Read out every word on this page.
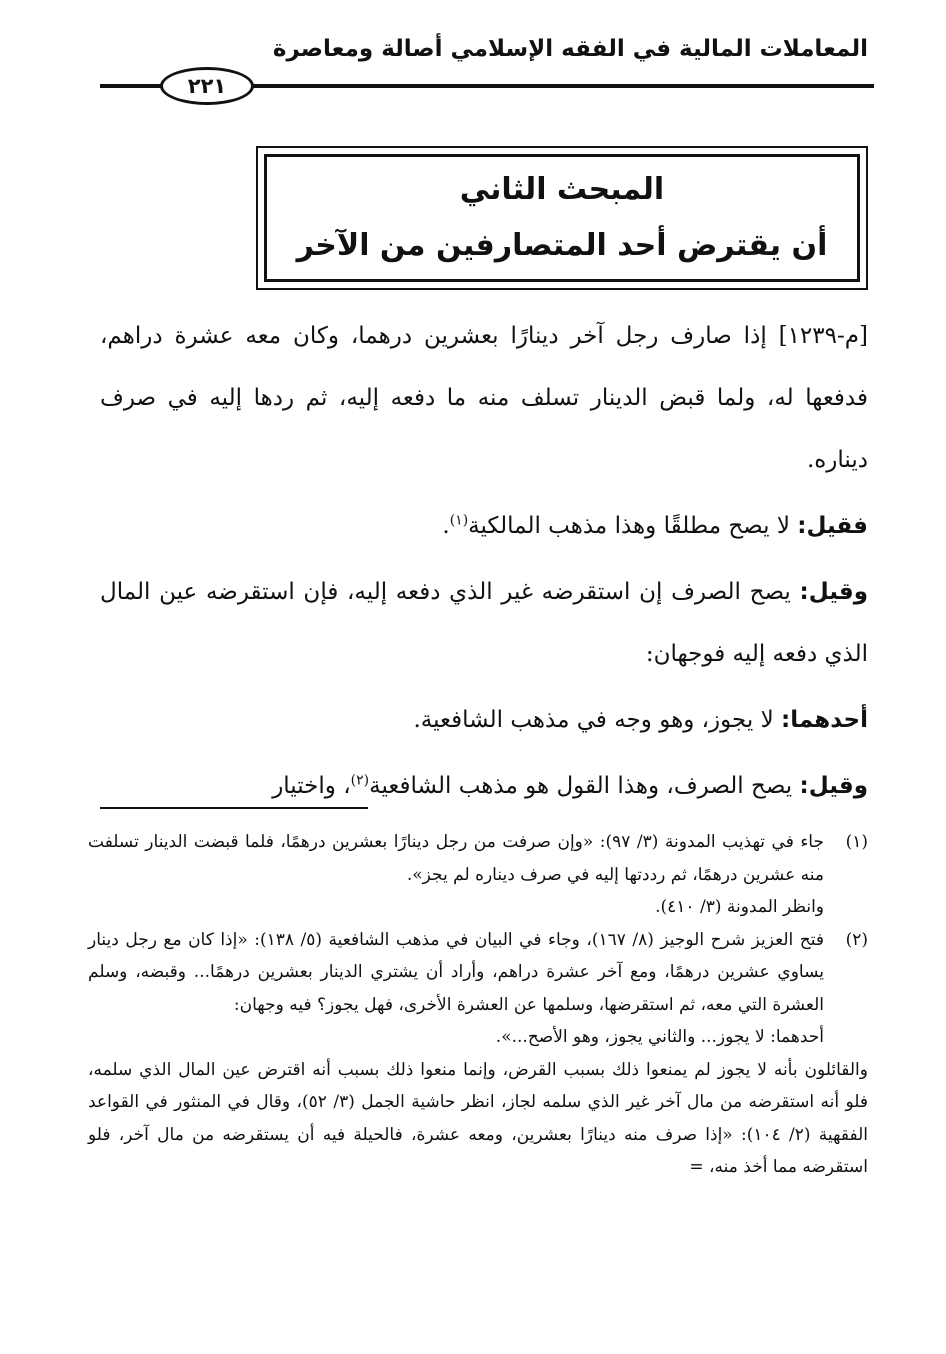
المعاملات المالية في الفقه الإسلامي أصالة ومعاصرة
٢٢١
المبحث الثاني
أن يقترض أحد المتصارفين من الآخر

[م-١٢٣٩] إذا صارف رجل آخر دينارًا بعشرين درهما، وكان معه عشرة دراهم، فدفعها له، ولما قبض الدينار تسلف منه ما دفعه إليه، ثم ردها إليه في صرف ديناره.

فقيل: لا يصح مطلقًا وهذا مذهب المالكية$^{(١)}$.

وقيل: يصح الصرف إن استقرضه غير الذي دفعه إليه، فإن استقرضه عين المال الذي دفعه إليه فوجهان:

أحدهما: لا يجوز، وهو وجه في مذهب الشافعية.

وقيل: يصح الصرف، وهذا القول هو مذهب الشافعية$^{(٢)}$، واختيار

(١)

جاء في تهذيب المدونة (٣/ ٩٧): «وإن صرفت من رجل دينارًا بعشرين درهمًا، فلما قبضت الدينار تسلفت منه عشرين درهمًا، ثم رددتها إليه في صرف ديناره لم يجز».

وانظر المدونة (٣/ ٤١٠).

(٢)

فتح العزيز شرح الوجيز (٨/ ١٦٧)، وجاء في البيان في مذهب الشافعية (٥/ ١٣٨): «إذا كان مع رجل دينار يساوي عشرين درهمًا، ومع آخر عشرة دراهم، وأراد أن يشتري الدينار بعشرين درهمًا... وقبضه، وسلم العشرة التي معه، ثم استقرضها، وسلمها عن العشرة الأخرى، فهل يجوز؟ فيه وجهان:

أحدهما: لا يجوز... والثاني يجوز، وهو الأصح...».

والقائلون بأنه لا يجوز لم يمنعوا ذلك بسبب القرض، وإنما منعوا ذلك بسبب أنه اقترض عين المال الذي سلمه، فلو أنه استقرضه من مال آخر غير الذي سلمه لجاز، انظر حاشية الجمل (٣/ ٥٢)، وقال في المنثور في القواعد الفقهية (٢/ ١٠٤): «إذا صرف منه دينارًا بعشرين، ومعه عشرة، فالحيلة فيه أن يستقرضه من مال آخر، فلو استقرضه مما أخذ منه، =
